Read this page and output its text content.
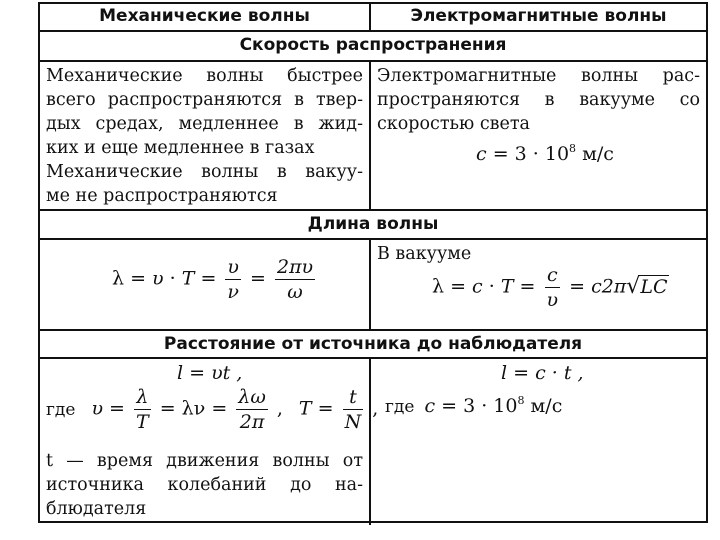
Механические волны	Электромагнитные волны
Скорость распространения
Механические волны быстрее
всего распространяются в твер-
дых средах, медленнее в жид-
ких и еще медленнее в газах
Механические волны в вакуу-
ме не распространяются
Электромагнитные волны рас-
пространяются в вакууме со
скоростью света
$c = 3 \cdot 10^8$ м/с
Длина волны
$\lambda = \upsilon \cdot T = \frac{\upsilon}{\nu} = \frac{2\pi\upsilon}{\omega}$
В вакууме
$\lambda = c \cdot T = \frac{c}{\upsilon} = c2\pi√LC$
Расстояние от источника до наблюдателя
l = υt ,
где $\upsilon = \frac{\lambda}{T} = \lambda\nu = \frac{\lambda\omega}{2\pi}$ , $T = \frac{t}{N}$ ,
t — время движения волны от
источника колебаний до на-
блюдателя
l = c · t ,
где $c = 3 \cdot 10^8$ м/с
